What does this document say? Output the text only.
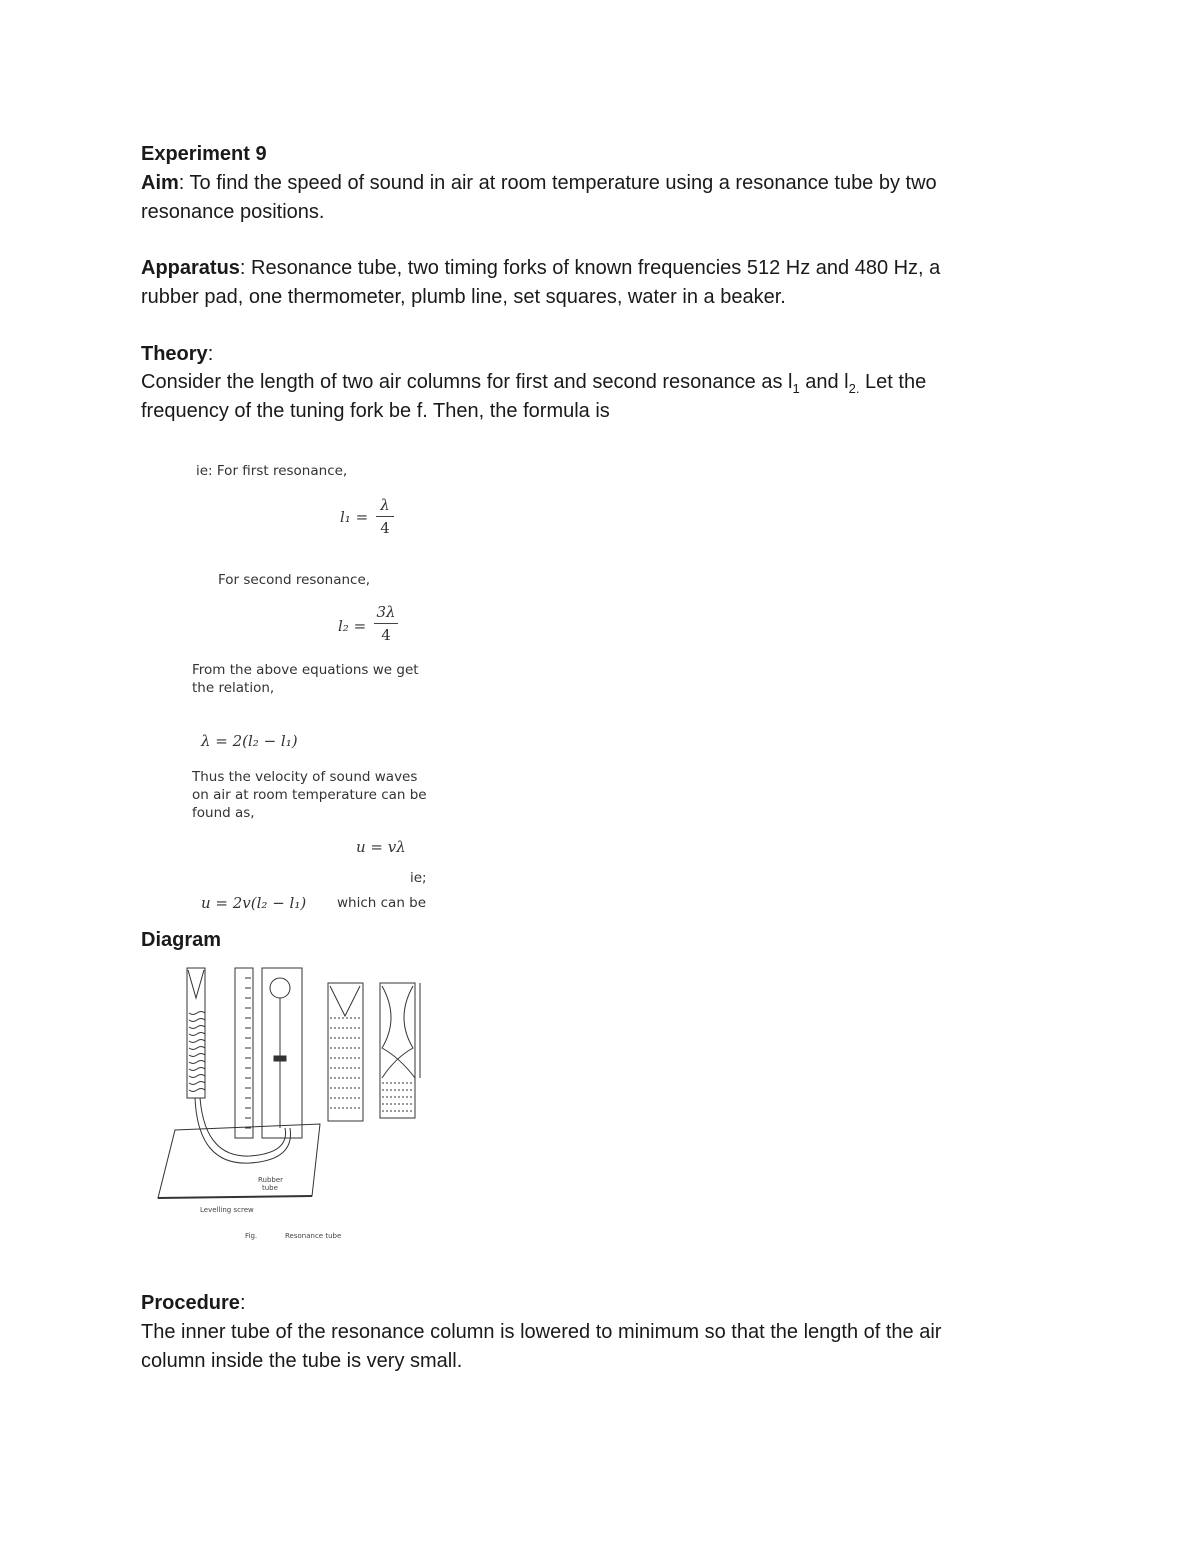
Experiment 9
Aim: To find the speed of sound in air at room temperature using a resonance tube by two
resonance positions.
Apparatus: Resonance tube, two timing forks of known frequencies 512 Hz and 480 Hz, a
rubber pad, one thermometer, plumb line, set squares, water in a beaker.
Theory:
Consider the length of two air columns for first and second resonance as $l_1$ and $l_{2.}$ Let the
frequency of the tuning fork be f. Then, the formula is
ie: For first resonance,
l₁ =
λ
4
For second resonance,
l₂ =
3λ
4
From the above equations we get
the relation,
λ = 2(l₂ − l₁)
Thus the velocity of sound waves
on air at room temperature can be
found as,
u = vλ
ie;
u = 2v(l₂ − l₁) which can be
Diagram
Rubber
tube
Levelling screw
Fig.	Resonance tube
Procedure:
The inner tube of the resonance column is lowered to minimum so that the length of the air
column inside the tube is very small.
